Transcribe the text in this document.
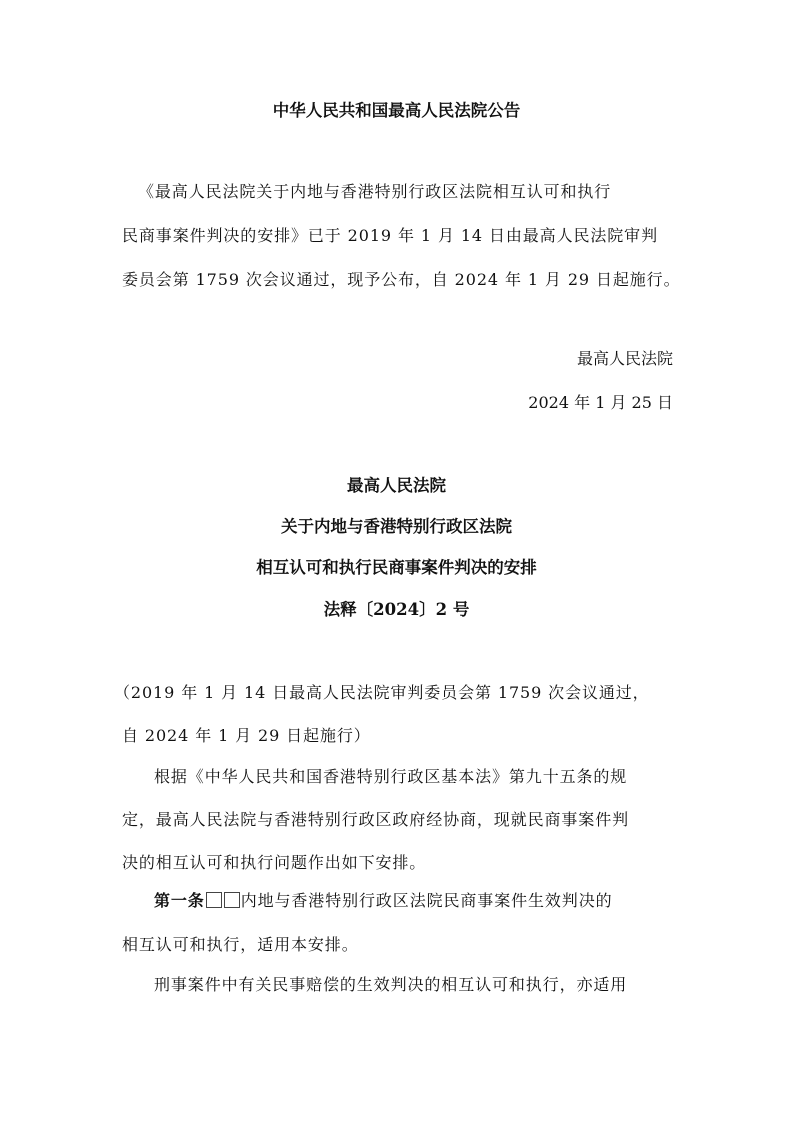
中华人民共和国最高人民法院公告
《最高人民法院关于内地与香港特别行政区法院相互认可和执行
民商事案件判决的安排》已于 2019 年 1 月 14 日由最高人民法院审判
委员会第 1759 次会议通过，现予公布，自 2024 年 1 月 29 日起施行。
最高人民法院
2024 年 1 月 25 日
最高人民法院
关于内地与香港特别行政区法院
相互认可和执行民商事案件判决的安排
法释〔2024〕2 号
（2019 年 1 月 14 日最高人民法院审判委员会第 1759 次会议通过，
自 2024 年 1 月 29 日起施行）
根据《中华人民共和国香港特别行政区基本法》第九十五条的规
定，最高人民法院与香港特别行政区政府经协商，现就民商事案件判
决的相互认可和执行问题作出如下安排。
第一条 内地与香港特别行政区法院民商事案件生效判决的
相互认可和执行，适用本安排。
刑事案件中有关民事赔偿的生效判决的相互认可和执行，亦适用
